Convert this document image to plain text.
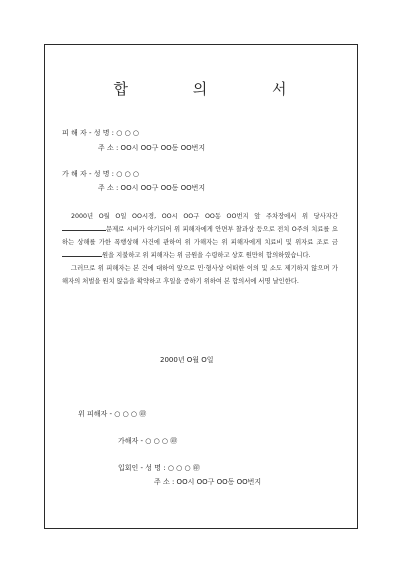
합 의 서
피 해 자 - 성 명 : ○ ○ ○
주 소 : OO시 OO구 OO동 OO번지
가 해 자 - 성 명 : ○ ○ ○
주 소 : OO시 OO구 OO동 OO번지

2000년 O월 O일 OO시경, OO시 OO구 OO동 OO번지 앞 주차장에서 위 당사자간 문제로 시비가 야기되어 위 피해자에게 안면부 찰과상 등으로 전치 O주의 치료를 요하는 상해를 가한 폭행상해 사건에 관하여 위 가해자는 위 피해자에게 치료비 및 위자료 조로 금 원을 지불하고 위 피해자는 위 금원을 수령하고 상호 원만히 합의하였습니다.

그러므로 위 피해자는 본 건에 대하여 앞으로 민·형사상 어떠한 이의 및 소도 제기하지 않으며 가해자의 처벌을 원치 않음을 확약하고 후일을 증하기 위하여 본 합의서에 서명 날인한다.

2000년 O월 O일
위 피해자 - ○ ○ ○ ㊞
가해자 - ○ ○ ○ ㊞
입회인 - 성 명 : ○ ○ ○ ㊞
주 소 : OO시 OO구 OO동 OO번지
